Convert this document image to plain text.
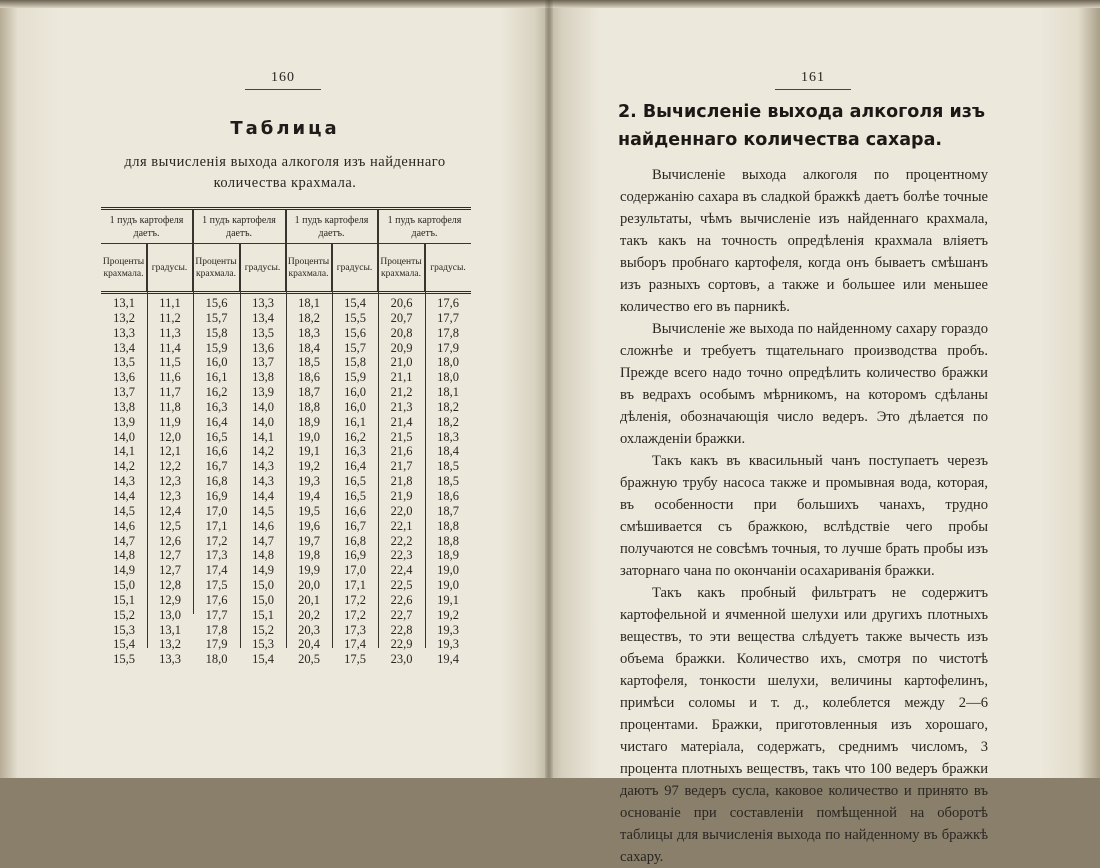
160
Таблица
для вычисленія выхода алкоголя изъ найденнаго количества крахмала.
1 пудъ картофеля даетъ.
1 пудъ картофеля даетъ.
1 пудъ картофеля даетъ.
1 пудъ картофеля даетъ.
Проценты крахмала.
градусы.
Проценты крахмала.
градусы.
Проценты крахмала.
градусы.
Проценты крахмала.
градусы.
13,1
13,2
13,3
13,4
13,5
13,6
13,7
13,8
13,9
14,0
14,1
14,2
14,3
14,4
14,5
14,6
14,7
14,8
14,9
15,0
15,1
15,2
15,3
15,4
15,5
11,1
11,2
11,3
11,4
11,5
11,6
11,7
11,8
11,9
12,0
12,1
12,2
12,3
12,3
12,4
12,5
12,6
12,7
12,7
12,8
12,9
13,0
13,1
13,2
13,3
15,6
15,7
15,8
15,9
16,0
16,1
16,2
16,3
16,4
16,5
16,6
16,7
16,8
16,9
17,0
17,1
17,2
17,3
17,4
17,5
17,6
17,7
17,8
17,9
18,0
13,3
13,4
13,5
13,6
13,7
13,8
13,9
14,0
14,0
14,1
14,2
14,3
14,3
14,4
14,5
14,6
14,7
14,8
14,9
15,0
15,0
15,1
15,2
15,3
15,4
18,1
18,2
18,3
18,4
18,5
18,6
18,7
18,8
18,9
19,0
19,1
19,2
19,3
19,4
19,5
19,6
19,7
19,8
19,9
20,0
20,1
20,2
20,3
20,4
20,5
15,4
15,5
15,6
15,7
15,8
15,9
16,0
16,0
16,1
16,2
16,3
16,4
16,5
16,5
16,6
16,7
16,8
16,9
17,0
17,1
17,2
17,2
17,3
17,4
17,5
20,6
20,7
20,8
20,9
21,0
21,1
21,2
21,3
21,4
21,5
21,6
21,7
21,8
21,9
22,0
22,1
22,2
22,3
22,4
22,5
22,6
22,7
22,8
22,9
23,0
17,6
17,7
17,8
17,9
18,0
18,0
18,1
18,2
18,2
18,3
18,4
18,5
18,5
18,6
18,7
18,8
18,8
18,9
19,0
19,0
19,1
19,2
19,3
19,3
19,4
161
2. Вычисленіе выхода алкоголя изъ найденнаго количества сахара.

Вычисленіе выхода алкоголя по процентному содержанію сахара въ сладкой бражкѣ даетъ болѣе точные результаты, чѣмъ вычисленіе изъ найденнаго крахмала, такъ какъ на точность опредѣленія крахмала вліяетъ выборъ пробнаго картофеля, когда онъ бываетъ смѣшанъ изъ разныхъ сортовъ, а также и большее или меньшее количество его въ парникѣ.

Вычисленіе же выхода по найденному сахару гораздо сложнѣе и требуетъ тщательнаго производства пробъ. Прежде всего надо точно опредѣлить количество бражки въ ведрахъ особымъ мѣрникомъ, на которомъ сдѣланы дѣленія, обозначающія число ведеръ. Это дѣлается по охлажденіи бражки.

Такъ какъ въ квасильный чанъ поступаетъ черезъ бражную трубу насоса также и промывная вода, которая, въ особенности при большихъ чанахъ, трудно смѣшивается съ бражкою, вслѣдствіе чего пробы получаются не совсѣмъ точныя, то лучше брать пробы изъ заторнаго чана по окончаніи осахариванія бражки.

Такъ какъ пробный фильтратъ не содержитъ картофельной и ячменной шелухи или другихъ плотныхъ веществъ, то эти вещества слѣдуетъ также вычесть изъ объема бражки. Количество ихъ, смотря по чистотѣ картофеля, тонкости шелухи, величины картофелинъ, примѣси соломы и т. д., колеблется между 2—6 процентами. Бражки, приготовленныя изъ хорошаго, чистаго матеріала, содержатъ, среднимъ числомъ, 3 процента плотныхъ веществъ, такъ что 100 ведеръ бражки даютъ 97 ведеръ сусла, каковое количество и принято въ основаніе при составленіи помѣщенной на оборотѣ таблицы для вычисленія выхода по найденному въ бражкѣ сахару.
